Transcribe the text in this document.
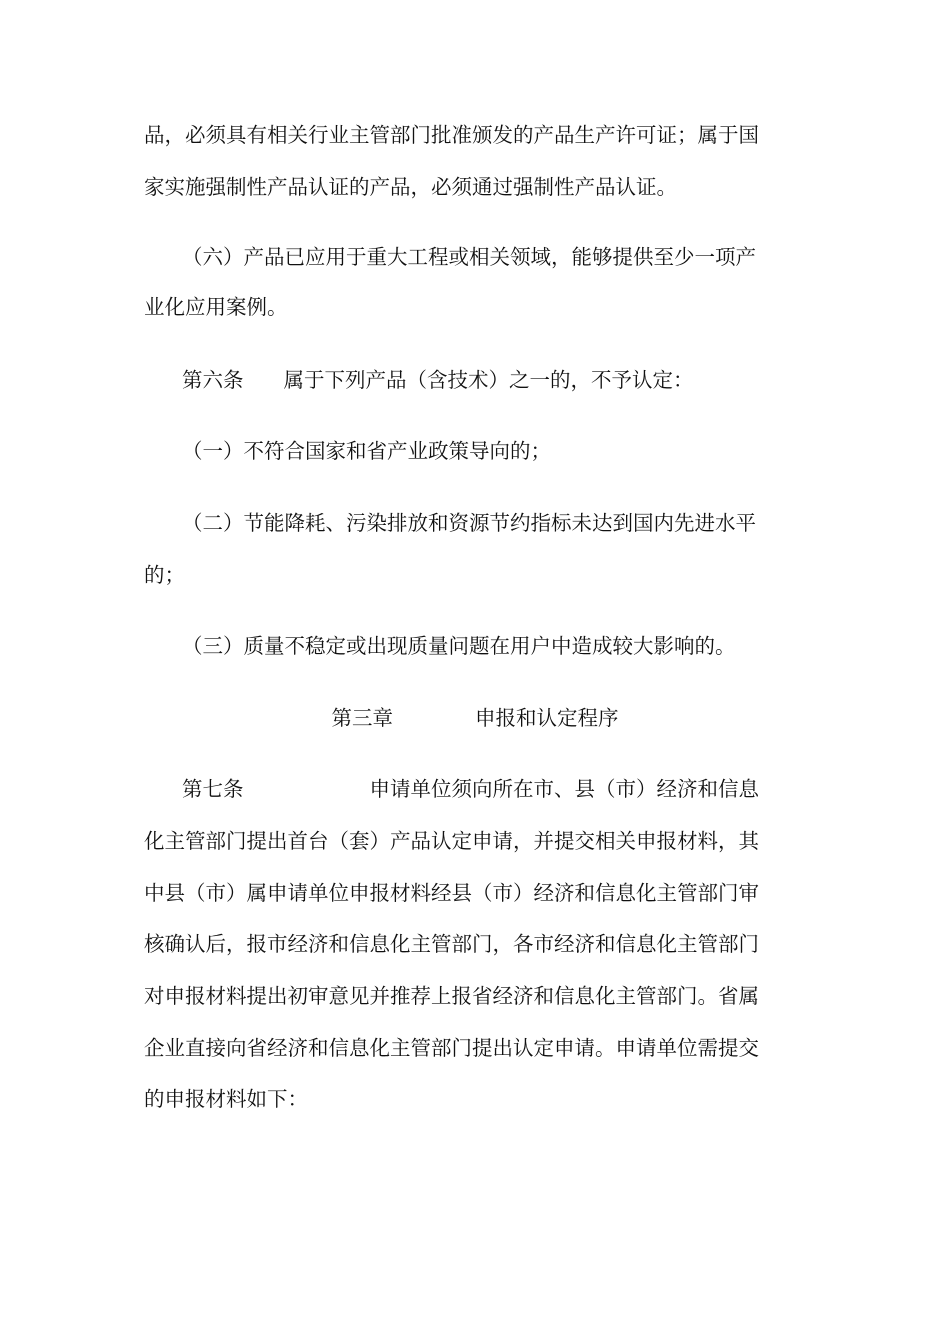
品，必须具有相关行业主管部门批准颁发的产品生产许可证；属于国
家实施强制性产品认证的产品，必须通过强制性产品认证。
（六）产品已应用于重大工程或相关领域，能够提供至少一项产
业化应用案例。
第六条 属于下列产品（含技术）之一的，不予认定：
（一）不符合国家和省产业政策导向的；
（二）节能降耗、污染排放和资源节约指标未达到国内先进水平
的；
（三）质量不稳定或出现质量问题在用户中造成较大影响的。
第三章	申报和认定程序
第七条	申请单位须向所在市、县（市）经济和信息
化主管部门提出首台（套）产品认定申请，并提交相关申报材料，其
中县（市）属申请单位申报材料经县（市）经济和信息化主管部门审
核确认后，报市经济和信息化主管部门，各市经济和信息化主管部门
对申报材料提出初审意见并推荐上报省经济和信息化主管部门。省属
企业直接向省经济和信息化主管部门提出认定申请。申请单位需提交
的申报材料如下：
